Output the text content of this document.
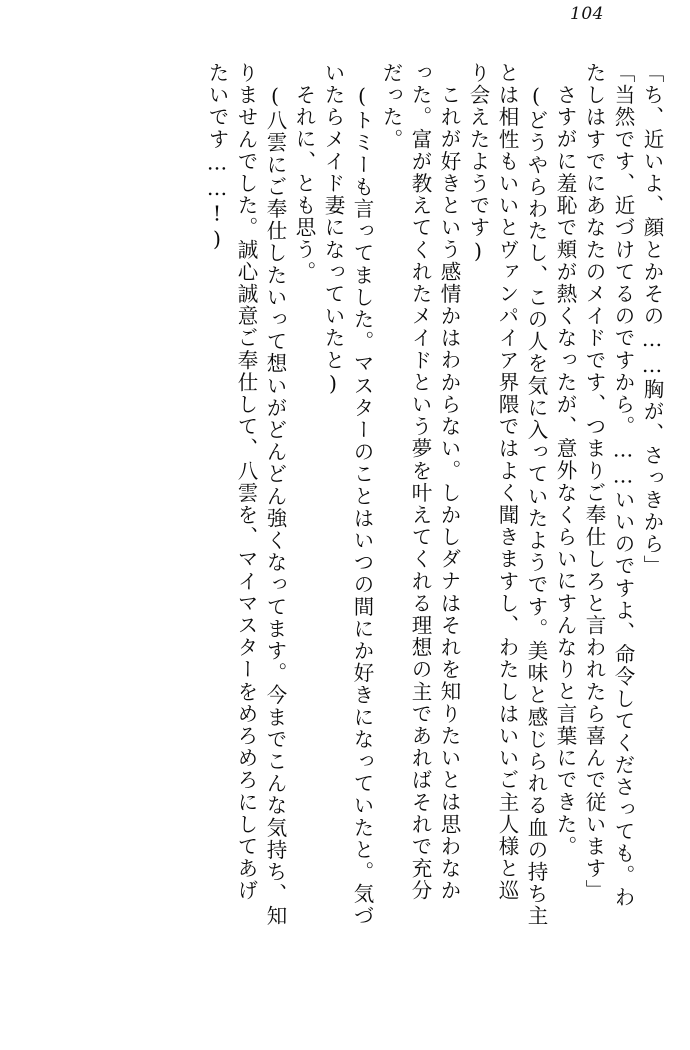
104
「ち、近いよ、顔とかその……胸が、さっきから」
「当然です、近づけてるのですから。……いいのですよ、命令してくださっても。わ
たしはすでにあなたのメイドです、つまりご奉仕しろと言われたら喜んで従います」
さすがに羞恥で頬が熱くなったが、意外なくらいにすんなりと言葉にできた。
(どうやらわたし、この人を気に入っていたようです。美味と感じられる血の持ち主
とは相性もいいとヴァンパイア界隈ではよく聞きますし、わたしはいいご主人様と巡
り会えたようです)
これが好きという感情かはわからない。しかしダナはそれを知りたいとは思わなか
った。富が教えてくれたメイドという夢を叶えてくれる理想の主であればそれで充分
だった。
(トミーも言ってました。マスターのことはいつの間にか好きになっていたと。気づ
いたらメイド妻になっていたと)
それに、とも思う。
(八雲にご奉仕したいって想いがどんどん強くなってます。今までこんな気持ち、知
りませんでした。誠心誠意ご奉仕して、八雲を、マイマスターをめろめろにしてあげ
たいです……!)
